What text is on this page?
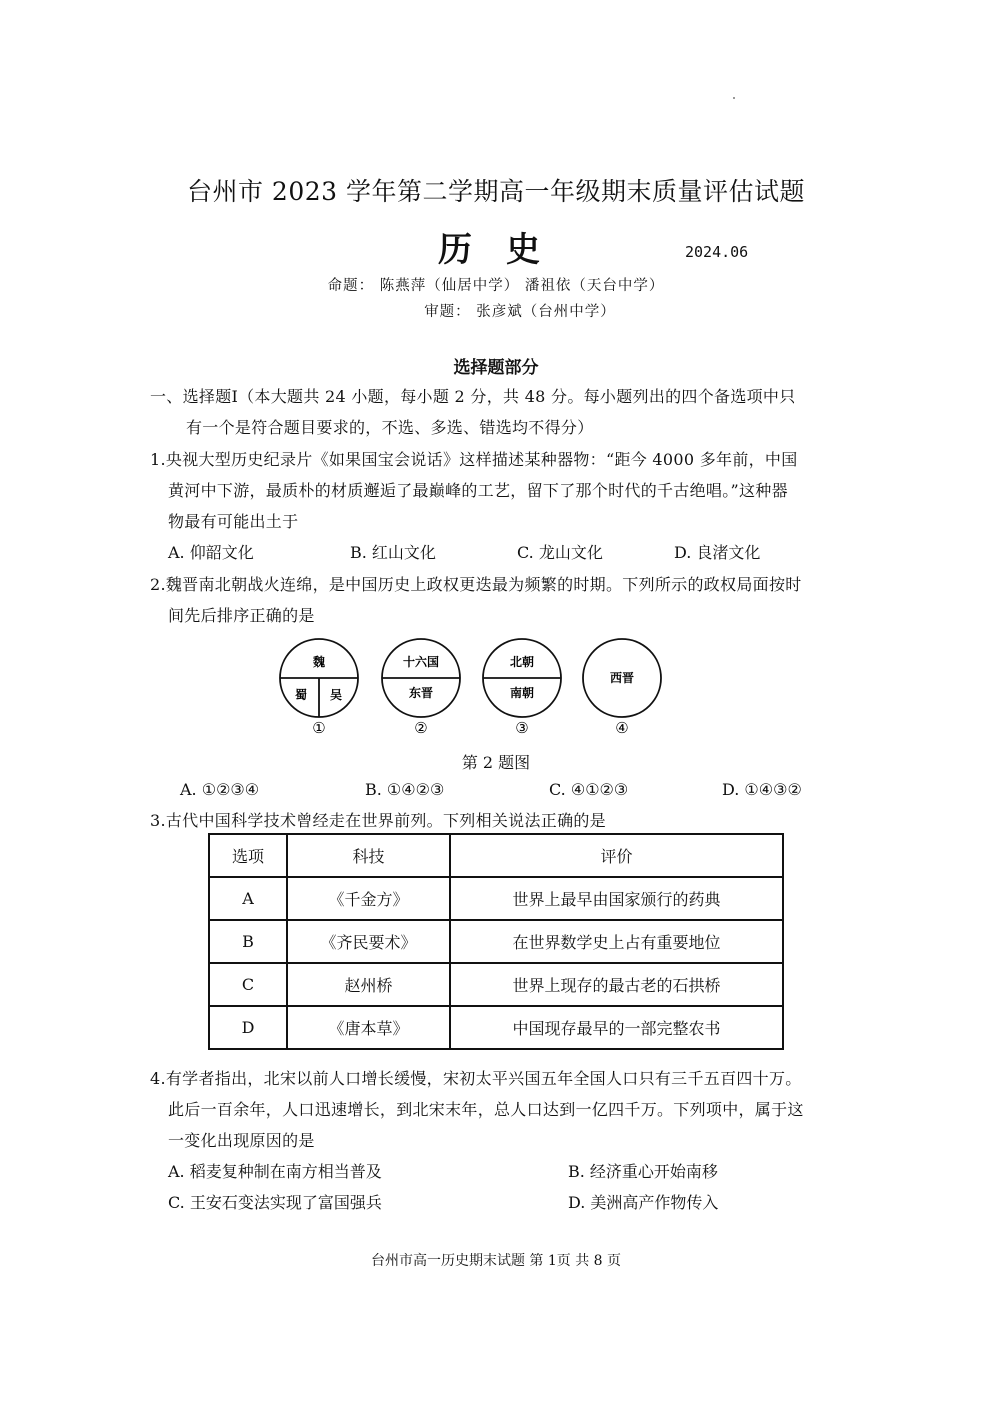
台州市 2023 学年第二学期高一年级期末质量评估试题
历史	2024.06
命题： 陈燕萍（仙居中学） 潘祖依（天台中学）
审题： 张彦斌（台州中学）
选择题部分
一、选择题Ⅰ（本大题共 24 小题，每小题 2 分，共 48 分。每小题列出的四个备选项中只
有一个是符合题目要求的，不选、多选、错选均不得分）
1.央视大型历史纪录片《如果国宝会说话》这样描述某种器物：“距今 4000 多年前，中国
黄河中下游，最质朴的材质邂逅了最巅峰的工艺，留下了那个时代的千古绝唱。”这种器
物最有可能出土于
A. 仰韶文化	B. 红山文化	C. 龙山文化	D. 良渚文化
2.魏晋南北朝战火连绵，是中国历史上政权更迭最为频繁的时期。下列所示的政权局面按时
间先后排序正确的是
魏
蜀 吴
①
十六国
东晋
②
北朝
南朝
③
西晋
④
第 2 题图
A. ①②③④	B. ①④②③	C. ④①②③	D. ①④③②
3.古代中国科学技术曾经走在世界前列。下列相关说法正确的是
选项	科技	评价
A	《千金方》	世界上最早由国家颁行的药典
B	《齐民要术》	在世界数学史上占有重要地位
C	赵州桥	世界上现存的最古老的石拱桥
D	《唐本草》	中国现存最早的一部完整农书
4.有学者指出，北宋以前人口增长缓慢，宋初太平兴国五年全国人口只有三千五百四十万。
此后一百余年，人口迅速增长，到北宋末年，总人口达到一亿四千万。下列项中，属于这
一变化出现原因的是
A. 稻麦复种制在南方相当普及	B. 经济重心开始南移
C. 王安石变法实现了富国强兵	D. 美洲高产作物传入
台州市高一历史期末试题 第 1页 共 8 页
